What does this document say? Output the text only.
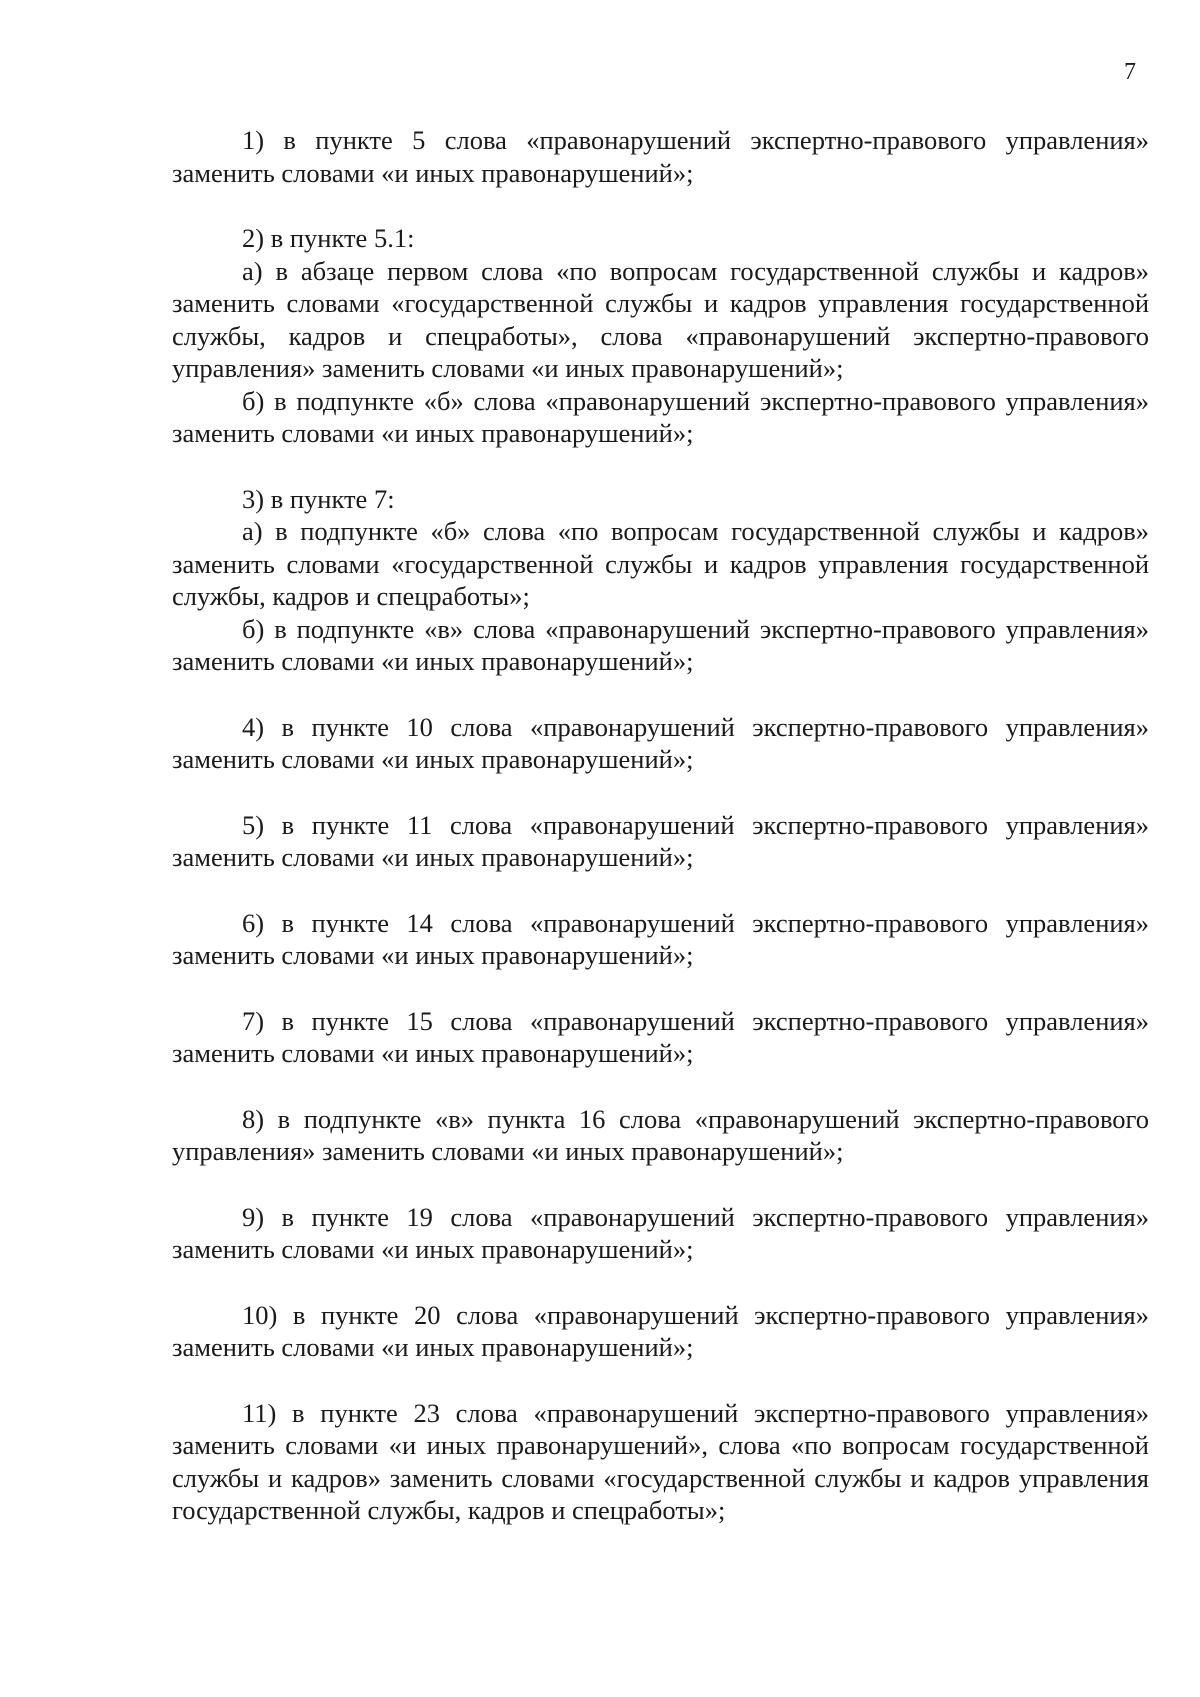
7

1) в пункте 5 слова «правонарушений экспертно-правового управления» заменить словами «и иных правонарушений»;

2) в пункте 5.1:

а) в абзаце первом слова «по вопросам государственной службы и кадров» заменить словами «государственной службы и кадров управления государственной службы, кадров и спецработы», слова «правонарушений экспертно-правового управления» заменить словами «и иных правонарушений»;

б) в подпункте «б» слова «правонарушений экспертно-правового управления» заменить словами «и иных правонарушений»;

3) в пункте 7:

а) в подпункте «б» слова «по вопросам государственной службы и кадров» заменить словами «государственной службы и кадров управления государственной службы, кадров и спецработы»;

б) в подпункте «в» слова «правонарушений экспертно-правового управления» заменить словами «и иных правонарушений»;

4) в пункте 10 слова «правонарушений экспертно-правового управления» заменить словами «и иных правонарушений»;

5) в пункте 11 слова «правонарушений экспертно-правового управления» заменить словами «и иных правонарушений»;

6) в пункте 14 слова «правонарушений экспертно-правового управления» заменить словами «и иных правонарушений»;

7) в пункте 15 слова «правонарушений экспертно-правового управления» заменить словами «и иных правонарушений»;

8) в подпункте «в» пункта 16 слова «правонарушений экспертно-правового управления» заменить словами «и иных правонарушений»;

9) в пункте 19 слова «правонарушений экспертно-правового управления» заменить словами «и иных правонарушений»;

10) в пункте 20 слова «правонарушений экспертно-правового управления» заменить словами «и иных правонарушений»;

11) в пункте 23 слова «правонарушений экспертно-правового управления» заменить словами «и иных правонарушений», слова «по вопросам государственной службы и кадров» заменить словами «государственной службы и кадров управления государственной службы, кадров и спецработы»;
